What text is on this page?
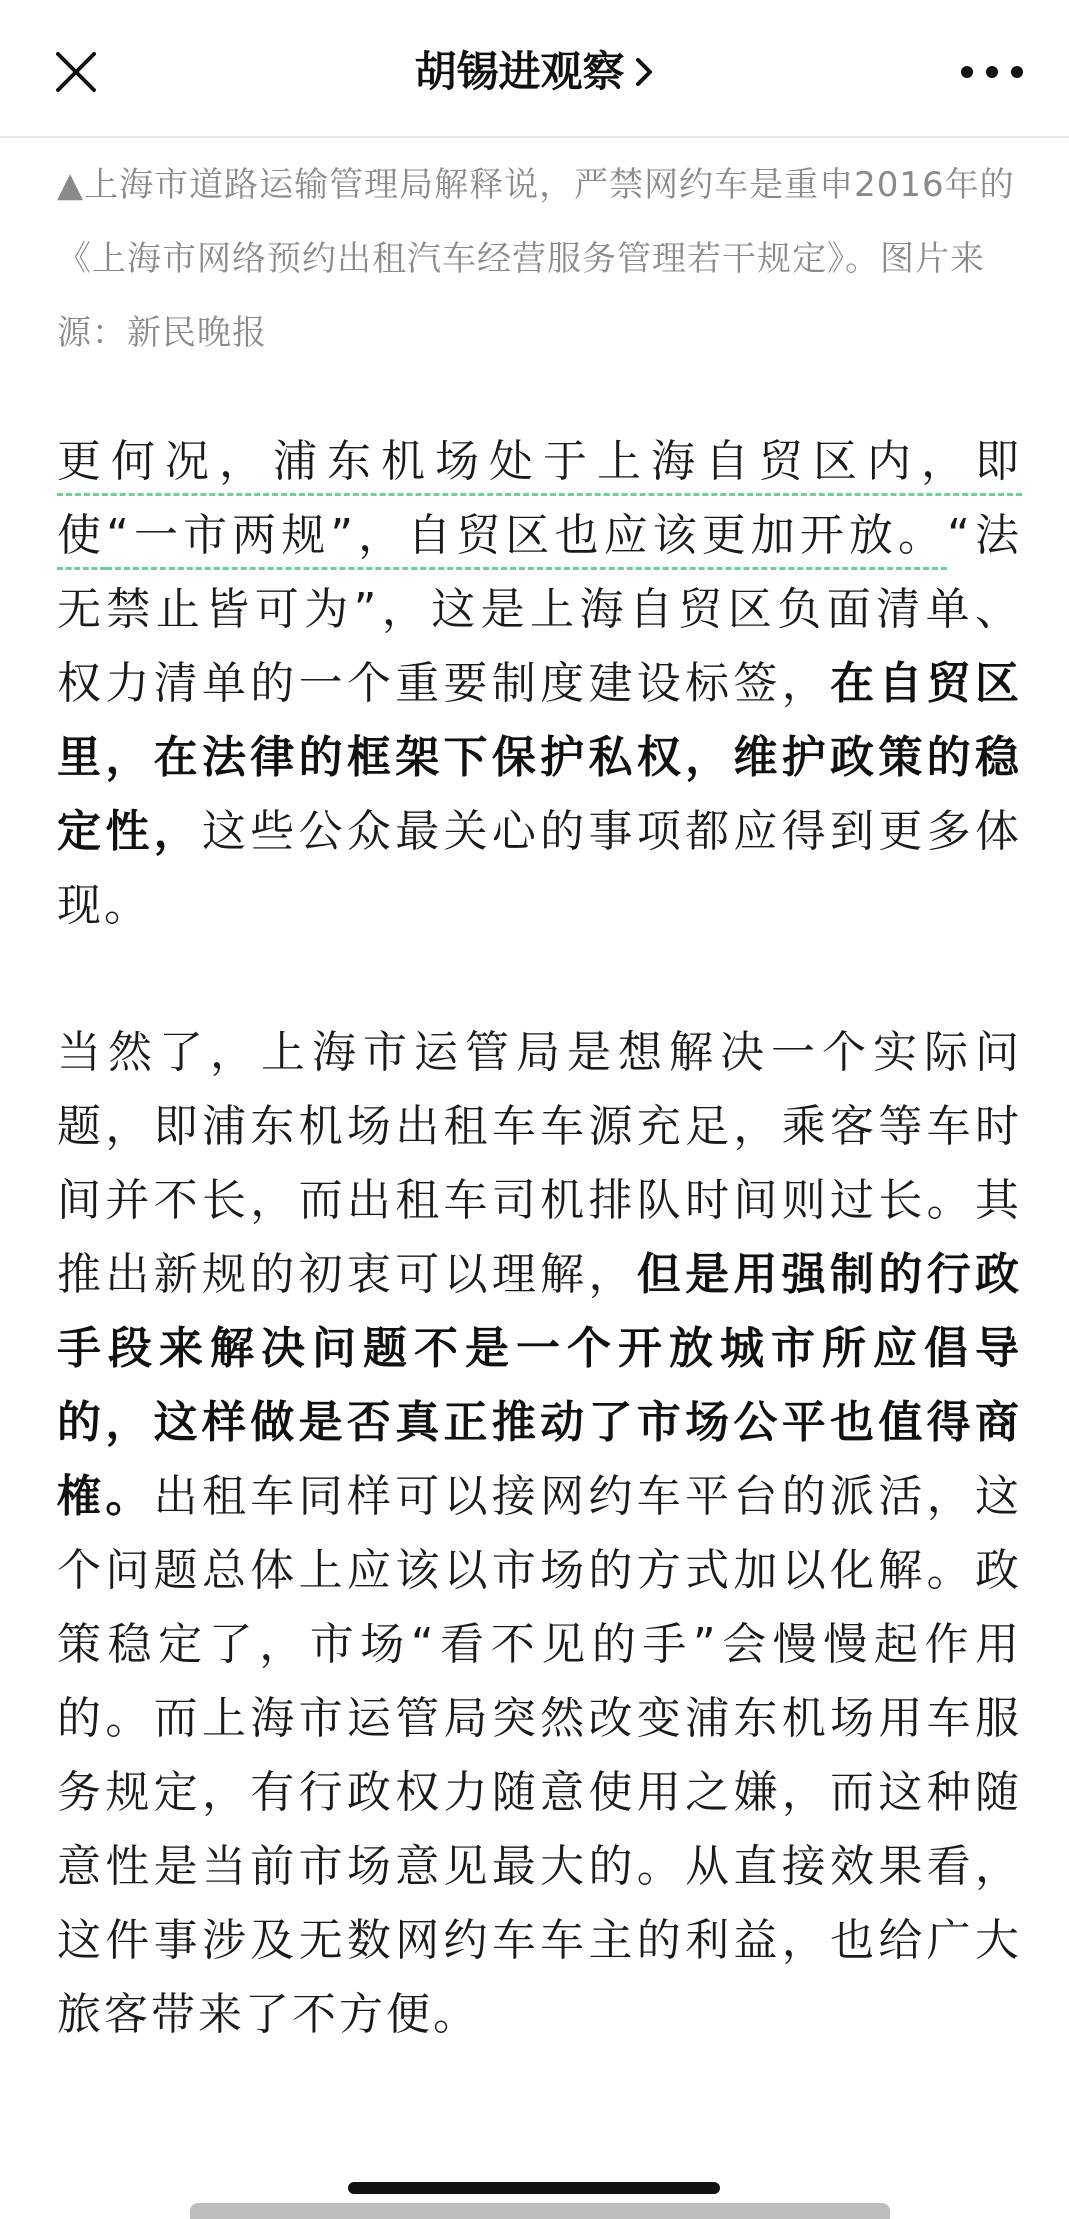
胡锡进观察
▲上海市道路运输管理局解释说，严禁网约车是重申2016年的《上海市网络预约出租汽车经营服务管理若干规定》。图片来源：新民晚报
更何况，浦东机场处于上海自贸区内，即使“一市两规”，自贸区也应该更加开放。“法无禁止皆可为”，这是上海自贸区负面清单、权力清单的一个重要制度建设标签，在自贸区里，在法律的框架下保护私权，维护政策的稳定性，这些公众最关心的事项都应得到更多体现。
当然了，上海市运管局是想解决一个实际问题，即浦东机场出租车车源充足，乘客等车时间并不长，而出租车司机排队时间则过长。其推出新规的初衷可以理解，但是用强制的行政手段来解决问题不是一个开放城市所应倡导的，这样做是否真正推动了市场公平也值得商榷。出租车同样可以接网约车平台的派活，这个问题总体上应该以市场的方式加以化解。政策稳定了，市场“看不见的手”会慢慢起作用的。而上海市运管局突然改变浦东机场用车服务规定，有行政权力随意使用之嫌，而这种随意性是当前市场意见最大的。从直接效果看，这件事涉及无数网约车车主的利益，也给广大旅客带来了不方便。
